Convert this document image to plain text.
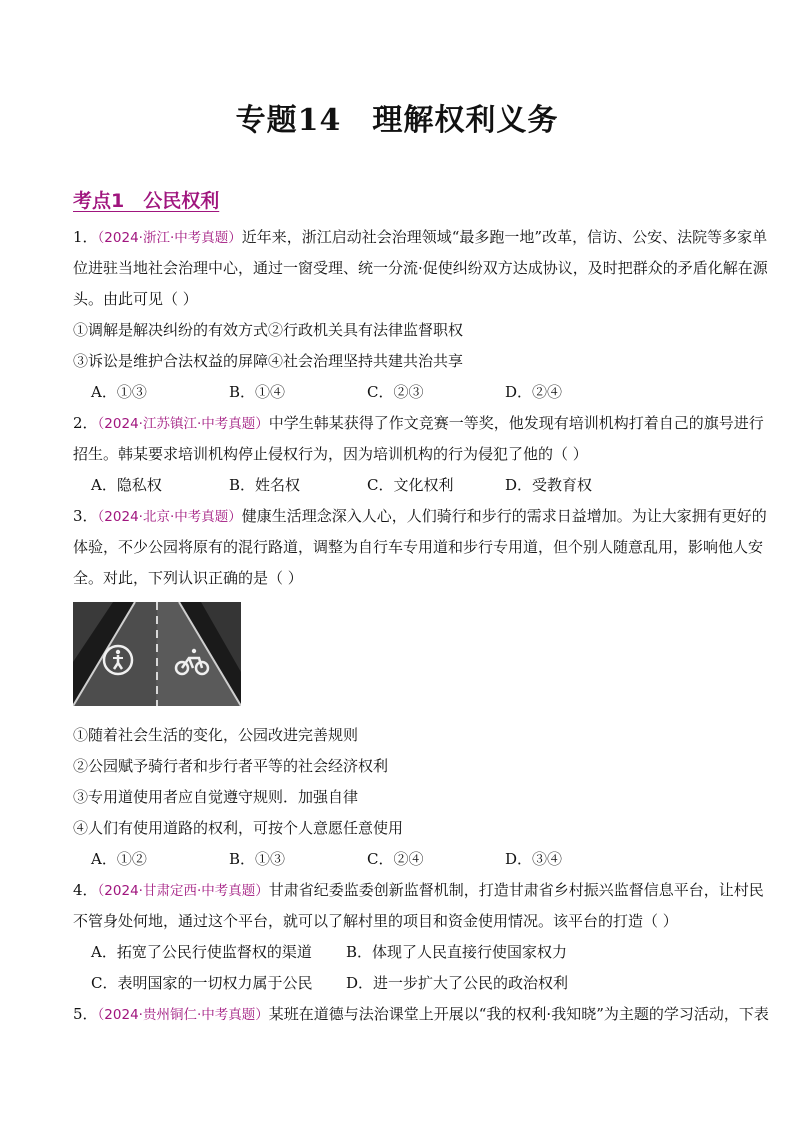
专题14　理解权利义务
考点1　公民权利
1．（2024·浙江·中考真题）近年来，浙江启动社会治理领域“最多跑一地”改革，信访、公安、法院等多家单
位进驻当地社会治理中心，通过一窗受理、统一分流·促使纠纷双方达成协议，及时把群众的矛盾化解在源
头。由此可见（ ）
①调解是解决纠纷的有效方式②行政机关具有法律监督职权
③诉讼是维护合法权益的屏障④社会治理坚持共建共治共享
A．①③	B．①④	C．②③	D．②④
2．（2024·江苏镇江·中考真题）中学生韩某获得了作文竞赛一等奖，他发现有培训机构打着自己的旗号进行
招生。韩某要求培训机构停止侵权行为，因为培训机构的行为侵犯了他的（ ）
A．隐私权	B．姓名权	C．文化权利	D．受教育权
3．（2024·北京·中考真题）健康生活理念深入人心，人们骑行和步行的需求日益增加。为让大家拥有更好的
体验，不少公园将原有的混行路道，调整为自行车专用道和步行专用道，但个别人随意乱用，影响他人安
全。对此，下列认识正确的是（ ）
①随着社会生活的变化，公园改进完善规则
②公园赋予骑行者和步行者平等的社会经济权利
③专用道使用者应自觉遵守规则．加强自律
④人们有使用道路的权利，可按个人意愿任意使用
A．①②	B．①③	C．②④	D．③④
4．（2024·甘肃定西·中考真题）甘肃省纪委监委创新监督机制，打造甘肃省乡村振兴监督信息平台，让村民
不管身处何地，通过这个平台，就可以了解村里的项目和资金使用情况。该平台的打造（ ）
A．拓宽了公民行使监督权的渠道	B．体现了人民直接行使国家权力
C．表明国家的一切权力属于公民	D．进一步扩大了公民的政治权利
5．（2024·贵州铜仁·中考真题）某班在道德与法治课堂上开展以“我的权利·我知晓”为主题的学习活动，下表
